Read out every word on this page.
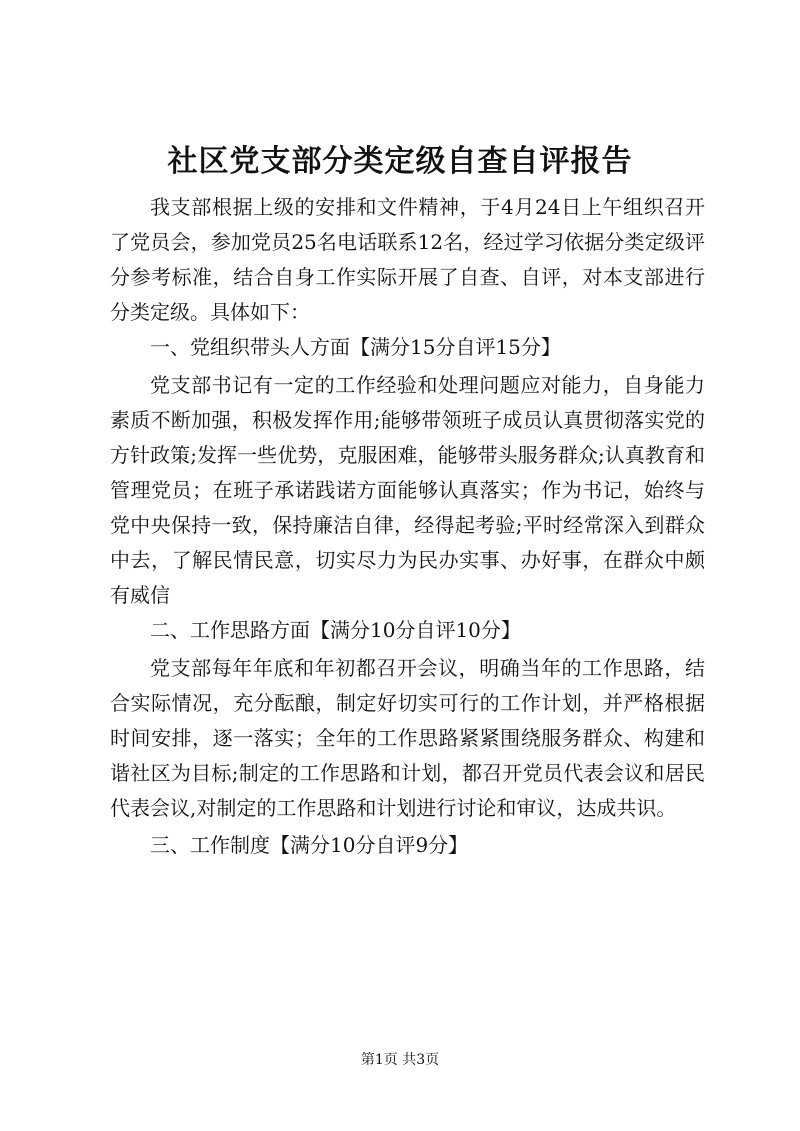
社区党支部分类定级自查自评报告

我支部根据上级的安排和文件精神，于4月24日上午组织召开了党员会，参加党员25名电话联系12名，经过学习依据分类定级评分参考标准，结合自身工作实际开展了自查、自评，对本支部进行分类定级。具体如下：

一、党组织带头人方面【满分15分自评15分】

党支部书记有一定的工作经验和处理问题应对能力，自身能力素质不断加强，积极发挥作用;能够带领班子成员认真贯彻落实党的方针政策;发挥一些优势，克服困难，能够带头服务群众;认真教育和管理党员；在班子承诺践诺方面能够认真落实；作为书记，始终与党中央保持一致，保持廉洁自律，经得起考验;平时经常深入到群众中去，了解民情民意，切实尽力为民办实事、办好事，在群众中颇有威信

二、工作思路方面【满分10分自评10分】

党支部每年年底和年初都召开会议，明确当年的工作思路，结合实际情况，充分酝酿，制定好切实可行的工作计划，并严格根据时间安排，逐一落实；全年的工作思路紧紧围绕服务群众、构建和谐社区为目标;制定的工作思路和计划，都召开党员代表会议和居民代表会议,对制定的工作思路和计划进行讨论和审议，达成共识。

三、工作制度【满分10分自评9分】

第1页 共3页
